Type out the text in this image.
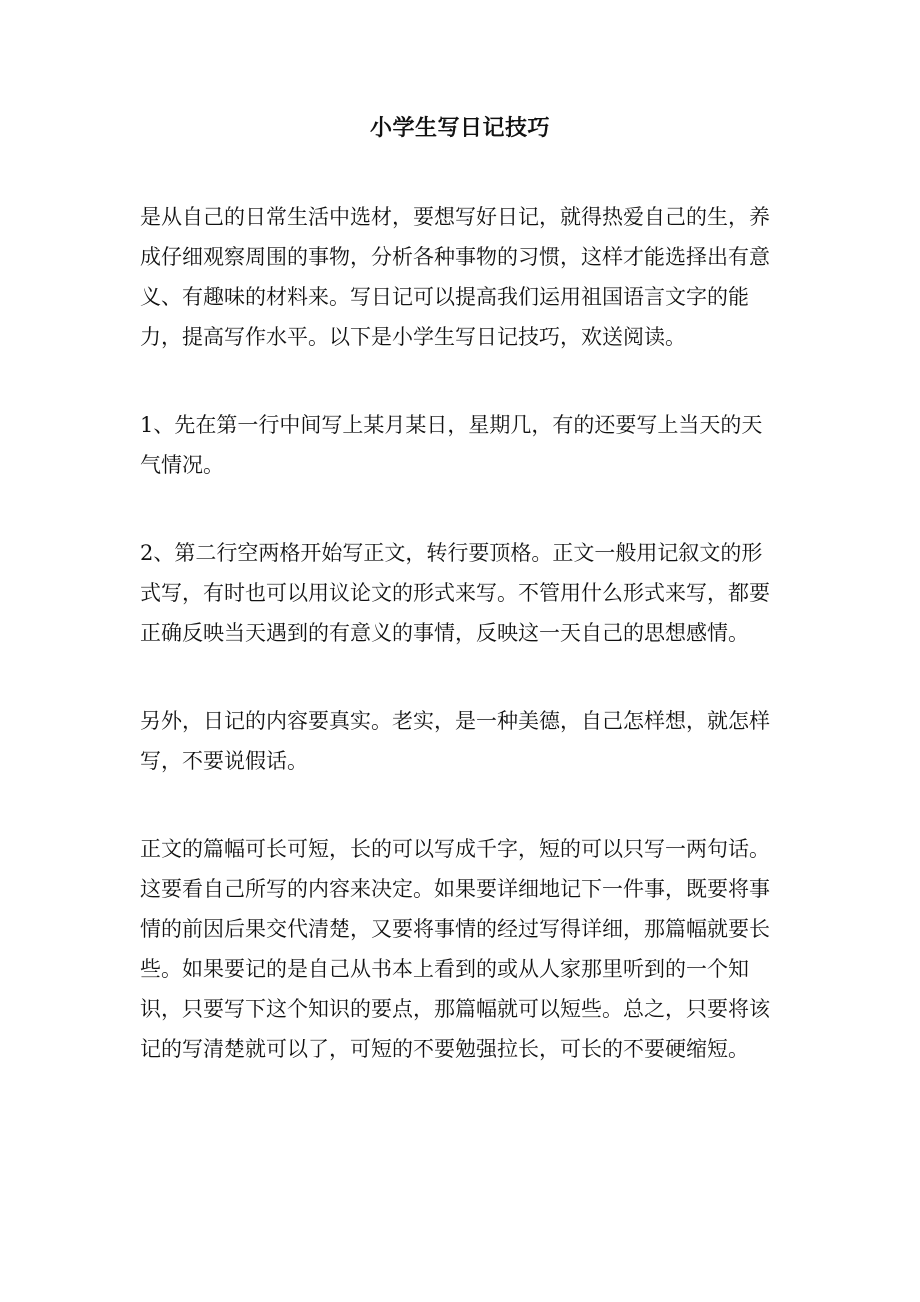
小学生写日记技巧

是从自己的日常生活中选材，要想写好日记，就得热爱自己的生，养成仔细观察周围的事物，分析各种事物的习惯，这样才能选择出有意义、有趣味的材料来。写日记可以提高我们运用祖国语言文字的能力，提高写作水平。以下是小学生写日记技巧，欢送阅读。

1、先在第一行中间写上某月某日，星期几，有的还要写上当天的天气情况。

2、第二行空两格开始写正文，转行要顶格。正文一般用记叙文的形式写，有时也可以用议论文的形式来写。不管用什么形式来写，都要正确反映当天遇到的有意义的事情，反映这一天自己的思想感情。

另外，日记的内容要真实。老实，是一种美德，自己怎样想，就怎样写，不要说假话。

正文的篇幅可长可短，长的可以写成千字，短的可以只写一两句话。这要看自己所写的内容来决定。如果要详细地记下一件事，既要将事情的前因后果交代清楚，又要将事情的经过写得详细，那篇幅就要长些。如果要记的是自己从书本上看到的或从人家那里听到的一个知识，只要写下这个知识的要点，那篇幅就可以短些。总之，只要将该记的写清楚就可以了，可短的不要勉强拉长，可长的不要硬缩短。
